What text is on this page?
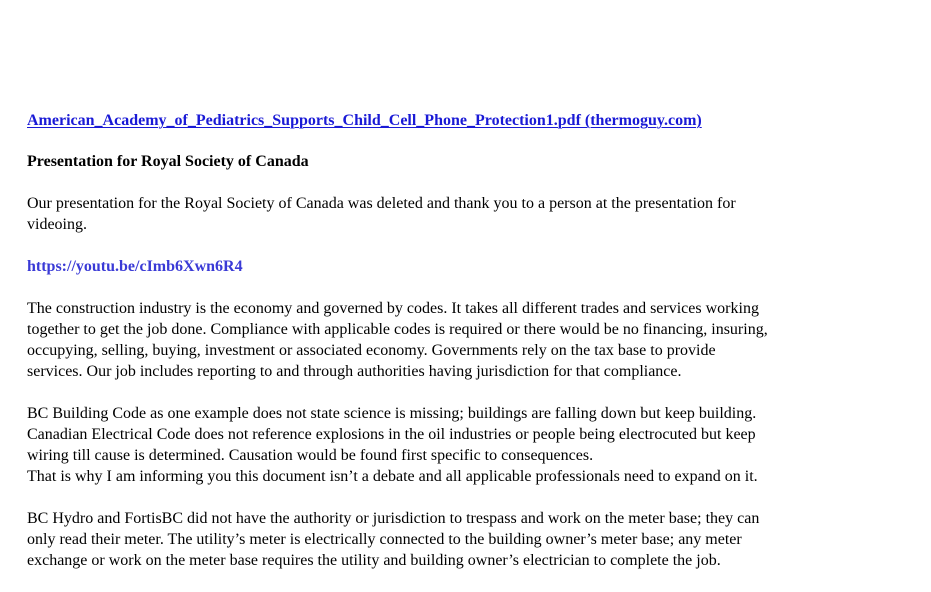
American_Academy_of_Pediatrics_Supports_Child_Cell_Phone_Protection1.pdf (thermoguy.com)

Presentation for Royal Society of Canada

Our presentation for the Royal Society of Canada was deleted and thank you to a person at the presentation for
videoing.

https://youtu.be/cImb6Xwn6R4

The construction industry is the economy and governed by codes. It takes all different trades and services working
together to get the job done. Compliance with applicable codes is required or there would be no financing, insuring,
occupying, selling, buying, investment or associated economy. Governments rely on the tax base to provide
services. Our job includes reporting to and through authorities having jurisdiction for that compliance.

BC Building Code as one example does not state science is missing; buildings are falling down but keep building.
Canadian Electrical Code does not reference explosions in the oil industries or people being electrocuted but keep
wiring till cause is determined. Causation would be found first specific to consequences.
That is why I am informing you this document isn’t a debate and all applicable professionals need to expand on it.

BC Hydro and FortisBC did not have the authority or jurisdiction to trespass and work on the meter base; they can
only read their meter. The utility’s meter is electrically connected to the building owner’s meter base; any meter
exchange or work on the meter base requires the utility and building owner’s electrician to complete the job.
